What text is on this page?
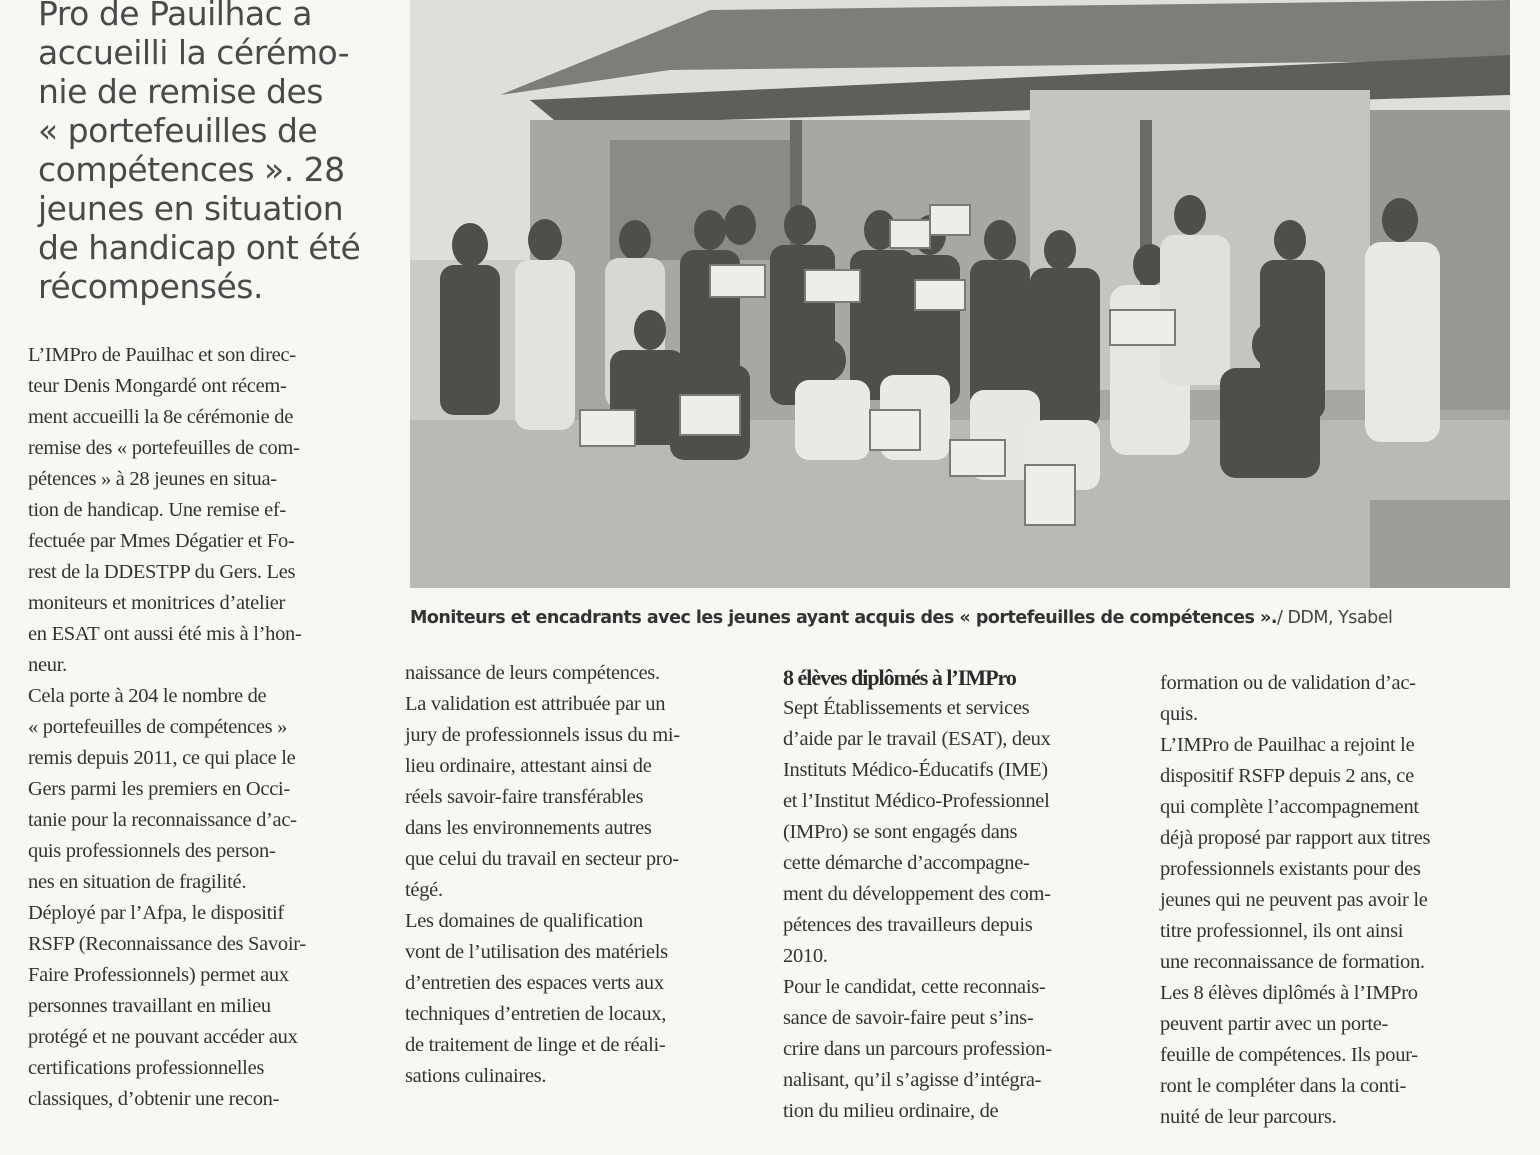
Pro de Pauilhac a

accueilli la cérémo-

nie de remise des

« portefeuilles de

compétences ». 28

jeunes en situation

de handicap ont été

récompensés.

Moniteurs et encadrants avec les jeunes ayant acquis des « portefeuilles de compétences »./ DDM, Ysabel

L’IMPro de Pauilhac et son direc-

teur Denis Mongardé ont récem-

ment accueilli la 8e cérémonie de

remise des « portefeuilles de com-

pétences » à 28 jeunes en situa-

tion de handicap. Une remise ef-

fectuée par Mmes Dégatier et Fo-

rest de la DDESTPP du Gers. Les

moniteurs et monitrices d’atelier

en ESAT ont aussi été mis à l’hon-

neur.

Cela porte à 204 le nombre de

« portefeuilles de compétences »

remis depuis 2011, ce qui place le

Gers parmi les premiers en Occi-

tanie pour la reconnaissance d’ac-

quis professionnels des person-

nes en situation de fragilité.

Déployé par l’Afpa, le dispositif

RSFP (Reconnaissance des Savoir-

Faire Professionnels) permet aux

personnes travaillant en milieu

protégé et ne pouvant accéder aux

certifications professionnelles

classiques, d’obtenir une recon-

naissance de leurs compétences.

La validation est attribuée par un

jury de professionnels issus du mi-

lieu ordinaire, attestant ainsi de

réels savoir-faire transférables

dans les environnements autres

que celui du travail en secteur pro-

tégé.

Les domaines de qualification

vont de l’utilisation des matériels

d’entretien des espaces verts aux

techniques d’entretien de locaux,

de traitement de linge et de réali-

sations culinaires.

8 élèves diplômés à l’IMPro

Sept Établissements et services

d’aide par le travail (ESAT), deux

Instituts Médico-Éducatifs (IME)

et l’Institut Médico-Professionnel

(IMPro) se sont engagés dans

cette démarche d’accompagne-

ment du développement des com-

pétences des travailleurs depuis

2010.

Pour le candidat, cette reconnais-

sance de savoir-faire peut s’ins-

crire dans un parcours profession-

nalisant, qu’il s’agisse d’intégra-

tion du milieu ordinaire, de

formation ou de validation d’ac-

quis.

L’IMPro de Pauilhac a rejoint le

dispositif RSFP depuis 2 ans, ce

qui complète l’accompagnement

déjà proposé par rapport aux titres

professionnels existants pour des

jeunes qui ne peuvent pas avoir le

titre professionnel, ils ont ainsi

une reconnaissance de formation.

Les 8 élèves diplômés à l’IMPro

peuvent partir avec un porte-

feuille de compétences. Ils pour-

ront le compléter dans la conti-

nuité de leur parcours.
